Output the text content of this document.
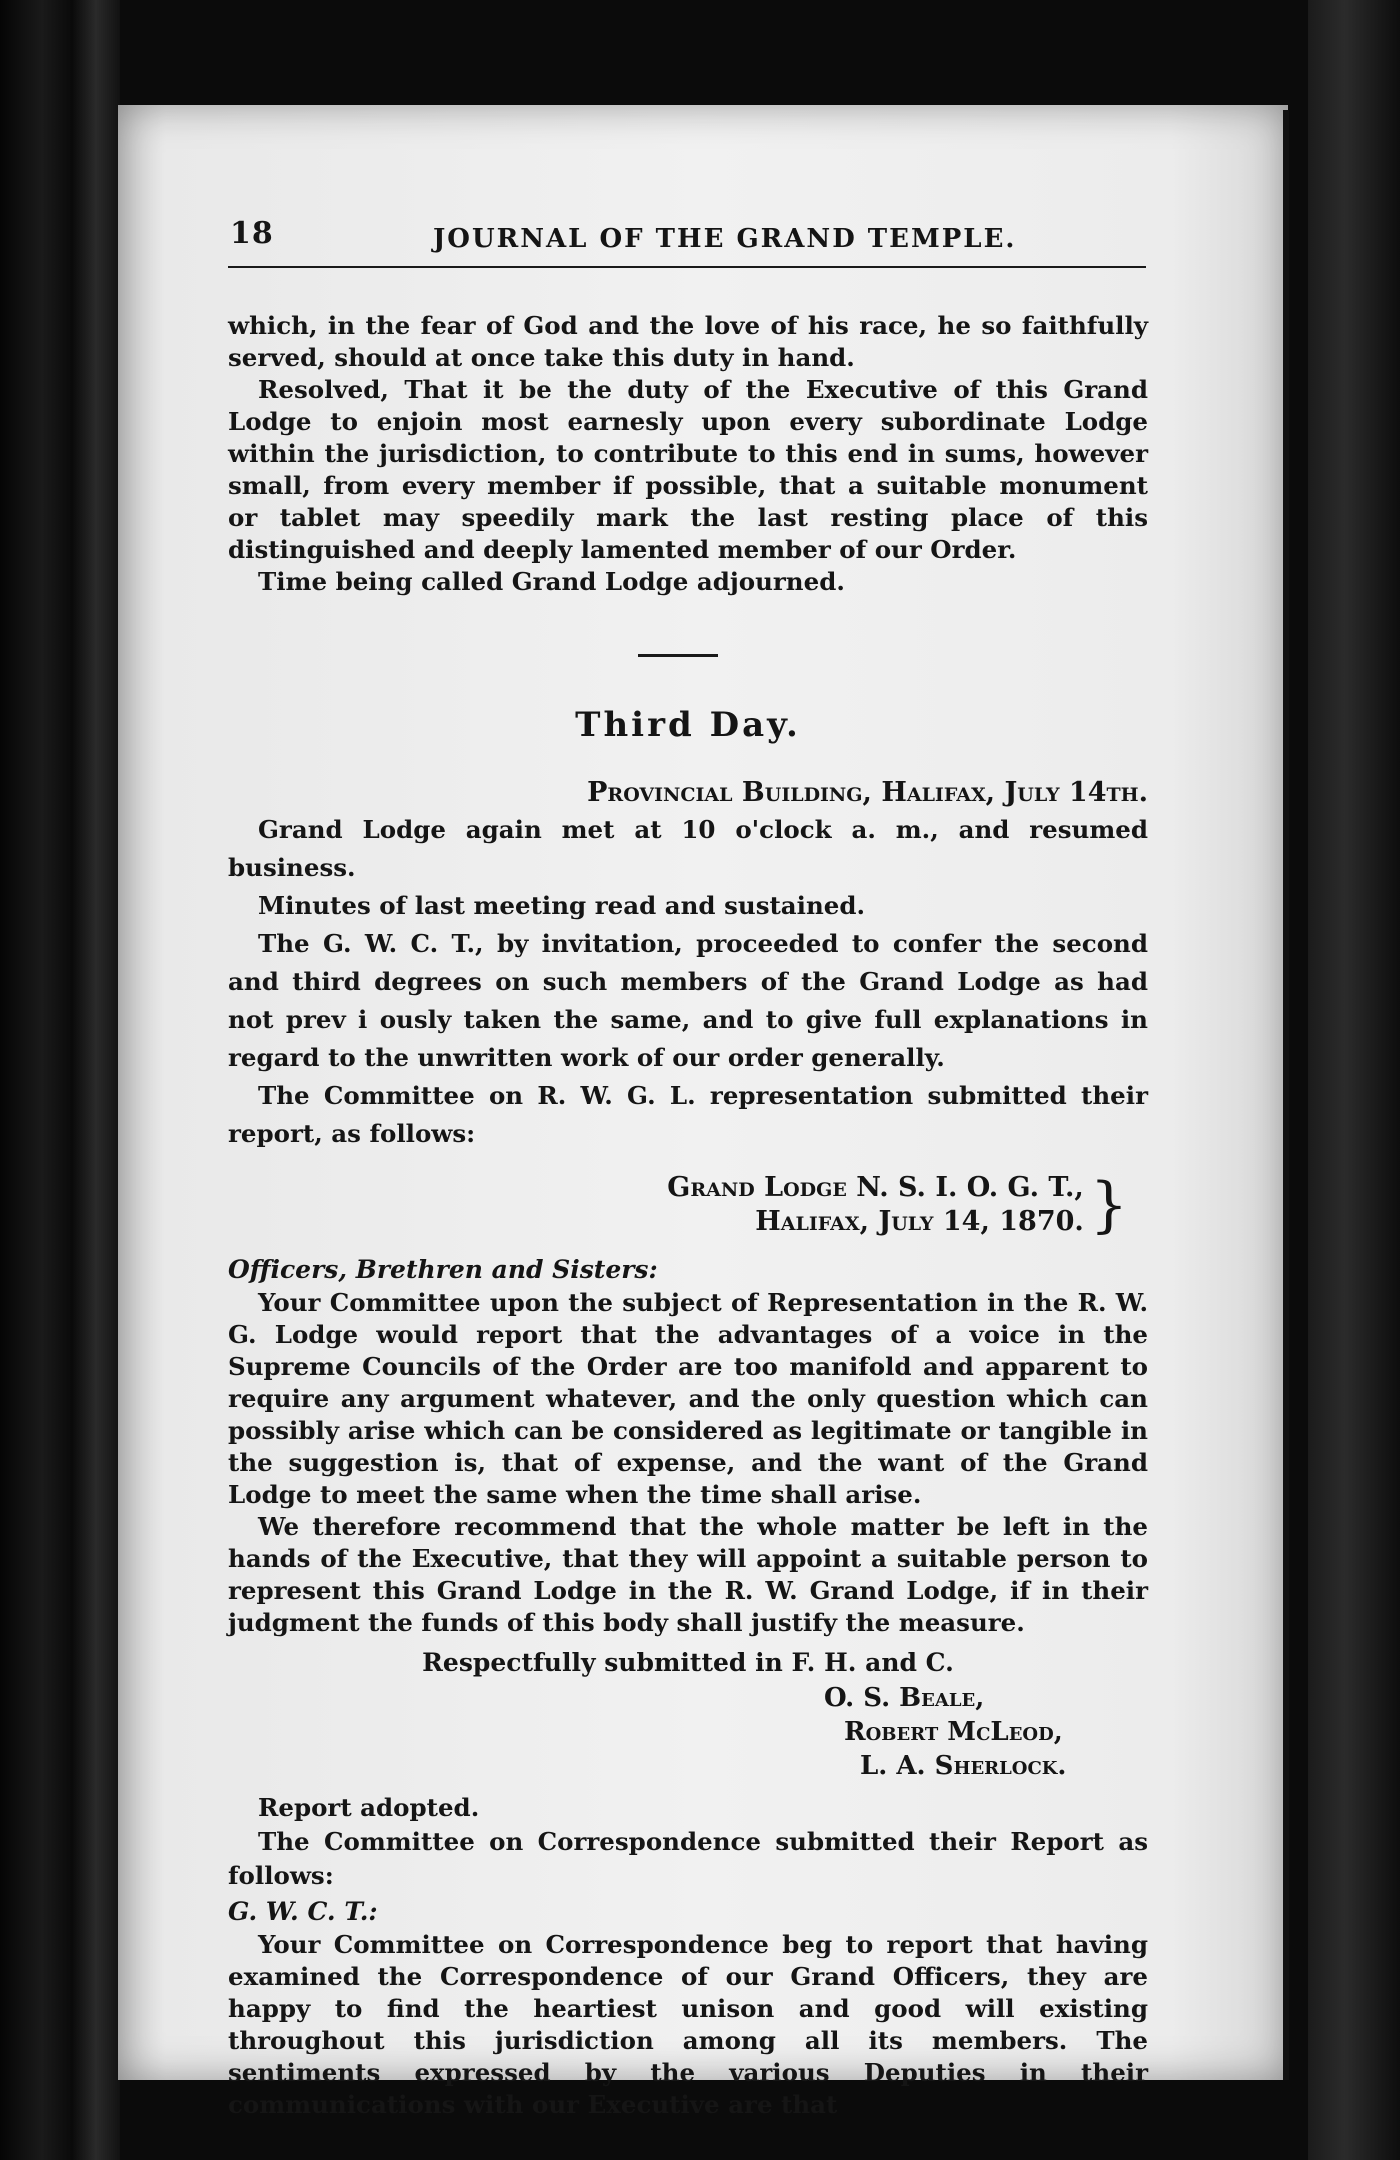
18	JOURNAL OF THE GRAND TEMPLE.

which, in the fear of God and the love of his race, he so faithfully served, should at once take this duty in hand.

Resolved, That it be the duty of the Executive of this Grand Lodge to enjoin most earnesly upon every subordinate Lodge within the jurisdiction, to contribute to this end in sums, however small, from every member if possible, that a suitable monument or tablet may speedily mark the last resting place of this distinguished and deeply lamented member of our Order.

Time being called Grand Lodge adjourned.

Third Day.

Provincial Building, Halifax, July 14th.

Grand Lodge again met at 10 o'clock a. m., and resumed business.

Minutes of last meeting read and sustained.

The G. W. C. T., by invitation, proceeded to confer the second and third degrees on such members of the Grand Lodge as had not prev i ously taken the same, and to give full explanations in regard to the unwritten work of our order generally.

The Committee on R. W. G. L. representation submitted their report, as follows:

Grand Lodge N. S. I. O. G. T.,
Halifax, July 14, 1870. }

Officers, Brethren and Sisters:

Your Committee upon the subject of Representation in the R. W. G. Lodge would report that the advantages of a voice in the Supreme Councils of the Order are too manifold and apparent to require any argument whatever, and the only question which can possibly arise which can be considered as legitimate or tangible in the suggestion is, that of expense, and the want of the Grand Lodge to meet the same when the time shall arise.

We therefore recommend that the whole matter be left in the hands of the Executive, that they will appoint a suitable person to represent this Grand Lodge in the R. W. Grand Lodge, if in their judgment the funds of this body shall justify the measure.

Respectfully submitted in F. H. and C.

O. S. Beale,
Robert McLeod,
L. A. Sherlock.

Report adopted.

The Committee on Correspondence submitted their Report as follows:

G. W. C. T.:

Your Committee on Correspondence beg to report that having examined the Correspondence of our Grand Officers, they are happy to find the heartiest unison and good will existing throughout this jurisdiction among all its members. The sentiments expressed by the various Deputies in their communications with our Executive are that
